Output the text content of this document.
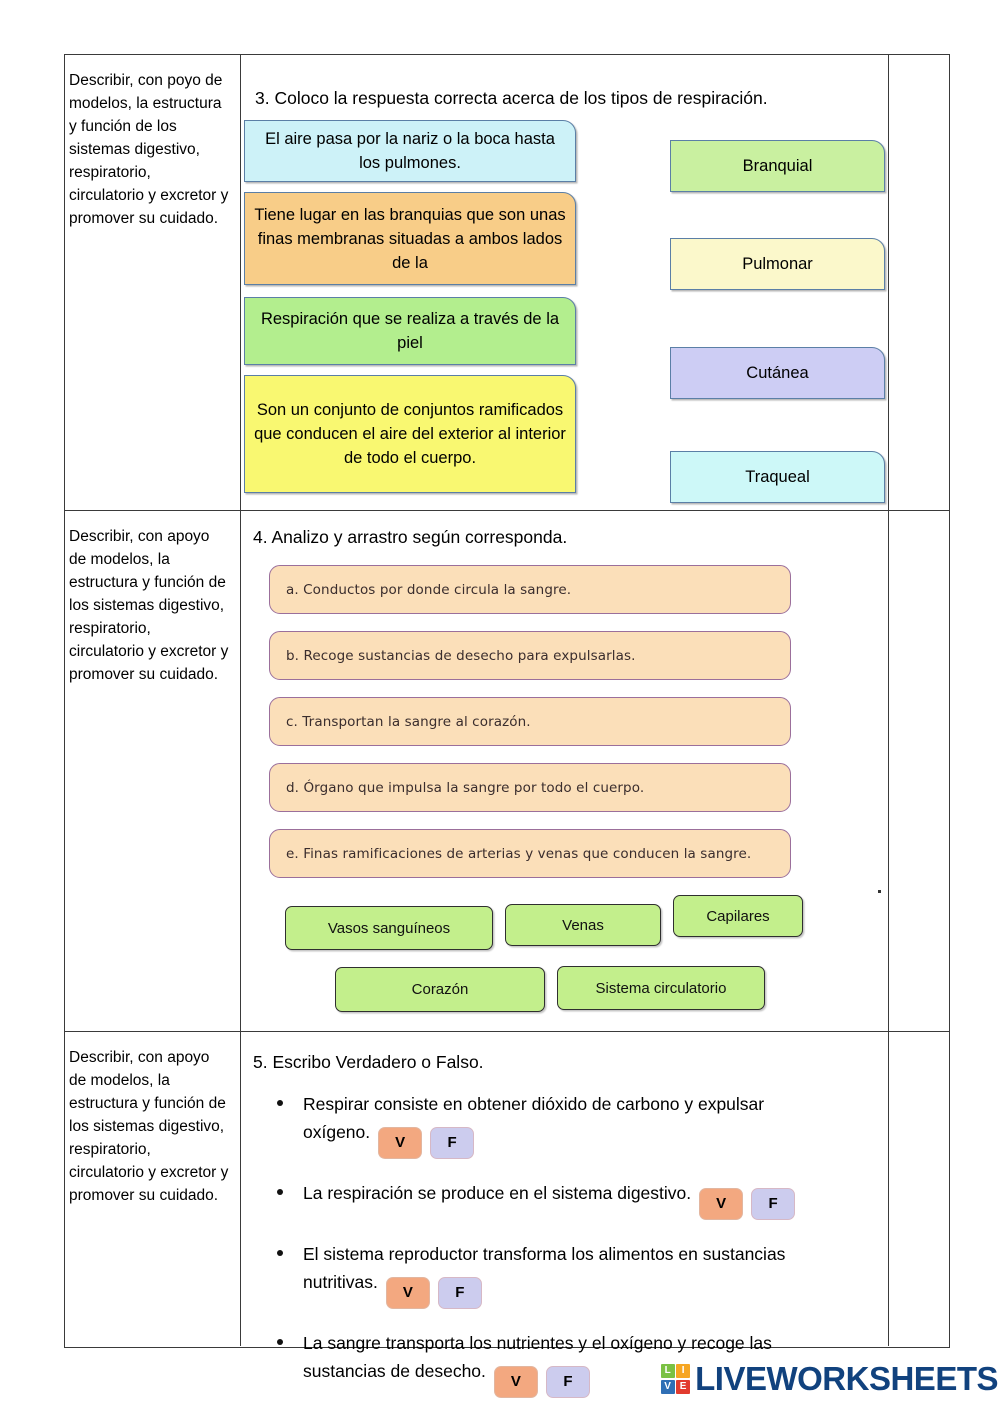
Describir, con poyo de modelos, la estructura y función de los sistemas digestivo, respiratorio, circulatorio y excretor y promover su cuidado.

3. Coloco la respuesta correcta acerca de los tipos de respiración.

El aire pasa por la nariz o la boca hasta los pulmones.
Tiene lugar en las branquias que son unas finas membranas situadas a ambos lados de la
Respiración que se realiza a través de la piel
Son un conjunto de conjuntos ramificados que conducen el aire del exterior al interior de todo el cuerpo.
Branquial
Pulmonar
Cutánea
Traqueal
Describir, con apoyo de modelos, la estructura y función de los sistemas digestivo, respiratorio, circulatorio y excretor y promover su cuidado.

4. Analizo y arrastro según corresponda.

a. Conductos por donde circula la sangre.
b. Recoge sustancias de desecho para expulsarlas.
c. Transportan la sangre al corazón.
d. Órgano que impulsa la sangre por todo el cuerpo.
e. Finas ramificaciones de arterias y venas que conducen la sangre.
Vasos sanguíneos	Venas
Capilares
Corazón	Sistema circulatorio
Describir, con apoyo de modelos, la estructura y función de los sistemas digestivo, respiratorio, circulatorio y excretor y promover su cuidado.

5. Escribo Verdadero o Falso.

Respirar consiste en obtener dióxido de carbono y expulsar oxígeno.V	F
La respiración se produce en el sistema digestivo.V	F
El sistema reproductor transforma los alimentos en sustancias nutritivas.V	F
La sangre transporta los nutrientes y el oxígeno y recoge las sustancias de desecho.V	F
L	I
V E LIVEWORKSHEETS
